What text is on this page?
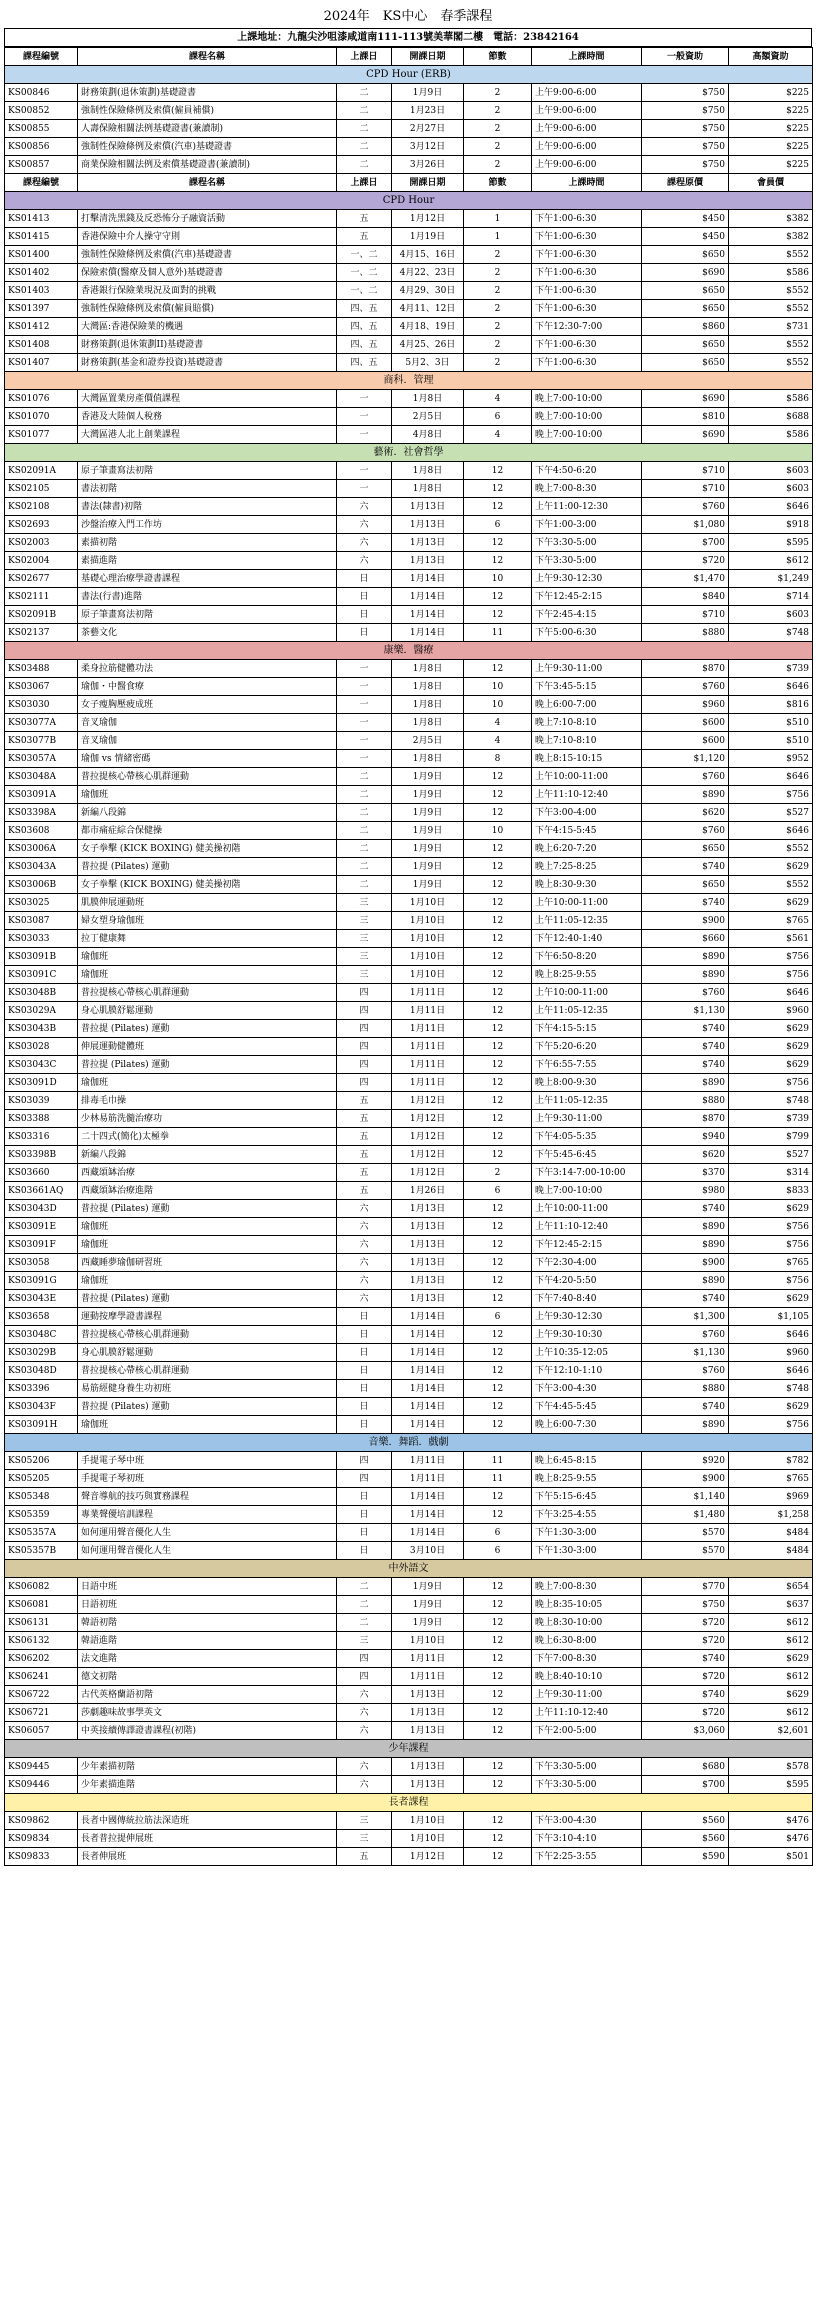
2024年　KS中心　春季課程
上課地址：九龍尖沙咀漆咸道南111-113號美華閣二樓　電話：23842164
課程編號	課程名稱	上課日	開課日期	節數	上課時間	一般資助	高額資助
CPD Hour (ERB)							
KS00846	財務策劃(退休策劃)基礎證書	二	1月9日	2	上午9:00-6:00	$750	$225
KS00852	強制性保險條例及索償(僱員補償)	二	1月23日	2	上午9:00-6:00	$750	$225
KS00855	人壽保險相關法例基礎證書(兼讀制)	二	2月27日	2	上午9:00-6:00	$750	$225
KS00856	強制性保險條例及索償(汽車)基礎證書	二	3月12日	2	上午9:00-6:00	$750	$225
KS00857	商業保險相關法例及索償基礎證書(兼讀制)	二	3月26日	2	上午9:00-6:00	$750	$225
課程編號	課程名稱	上課日	開課日期	節數	上課時間	課程原價	會員價
CPD Hour							
KS01413	打擊清洗黑錢及反恐怖分子融資活動	五	1月12日	1	下午1:00-6:30	$450	$382
KS01415	香港保險中介人操守守則	五	1月19日	1	下午1:00-6:30	$450	$382
KS01400	強制性保險條例及索償(汽車)基礎證書	一、二	4月15、16日	2	下午1:00-6:30	$650	$552
KS01402	保險索償(醫療及個人意外)基礎證書	一、二	4月22、23日	2	下午1:00-6:30	$690	$586
KS01403	香港銀行保險業現況及面對的挑戰	一、二	4月29、30日	2	下午1:00-6:30	$650	$552
KS01397	強制性保險條例及索償(僱員賠償)	四、五	4月11、12日	2	下午1:00-6:30	$650	$552
KS01412	大灣區:香港保險業的機遇	四、五	4月18、19日	2	下午12:30-7:00	$860	$731
KS01408	財務策劃(退休策劃II)基礎證書	四、五	4月25、26日	2	下午1:00-6:30	$650	$552
KS01407	財務策劃(基金和證券投資)基礎證書	四、五	5月2、3日	2	下午1:00-6:30	$650	$552
商科．管理							
KS01076	大灣區置業房產價值課程	一	1月8日	4	晚上7:00-10:00	$690	$586
KS01070	香港及大陸個人稅務	一	2月5日	6	晚上7:00-10:00	$810	$688
KS01077	大灣區港人北上創業課程	一	4月8日	4	晚上7:00-10:00	$690	$586
藝術．社會哲學							
KS02091A	原子筆畫寫法初階	一	1月8日	12	下午4:50-6:20	$710	$603
KS02105	書法初階	一	1月8日	12	晚上7:00-8:30	$710	$603
KS02108	書法(隸書)初階	六	1月13日	12	上午11:00-12:30	$760	$646
KS02693	沙盤治療入門工作坊	六	1月13日	6	下午1:00-3:00	$1,080	$918
KS02003	素描初階	六	1月13日	12	下午3:30-5:00	$700	$595
KS02004	素描進階	六	1月13日	12	下午3:30-5:00	$720	$612
KS02677	基礎心理治療學證書課程	日	1月14日	10	上午9:30-12:30	$1,470	$1,249
KS02111	書法(行書)進階	日	1月14日	12	下午12:45-2:15	$840	$714
KS02091B	原子筆畫寫法初階	日	1月14日	12	下午2:45-4:15	$710	$603
KS02137	茶藝文化	日	1月14日	11	下午5:00-6:30	$880	$748
康樂．醫療							
KS03488	柔身拉筋健體功法	一	1月8日	12	上午9:30-11:00	$870	$739
KS03067	瑜伽・中醫食療	一	1月8日	10	下午3:45-5:15	$760	$646
KS03030	女子瘦胸壓疲成班	一	1月8日	10	晚上6:00-7:00	$960	$816
KS03077A	音叉瑜伽	一	1月8日	4	晚上7:10-8:10	$600	$510
KS03077B	音叉瑜伽	一	2月5日	4	晚上7:10-8:10	$600	$510
KS03057A	瑜伽 vs 情緒密碼	一	1月8日	8	晚上8:15-10:15	$1,120	$952
KS03048A	普拉提核心帶核心肌群運動	二	1月9日	12	上午10:00-11:00	$760	$646
KS03091A	瑜伽班	二	1月9日	12	上午11:10-12:40	$890	$756
KS03398A	新編八段錦	二	1月9日	12	下午3:00-4:00	$620	$527
KS03608	都市痛症綜合保健操	二	1月9日	10	下午4:15-5:45	$760	$646
KS03006A	女子拳擊 (KICK BOXING) 健美操初階	二	1月9日	12	晚上6:20-7:20	$650	$552
KS03043A	普拉提 (Pilates) 運動	二	1月9日	12	晚上7:25-8:25	$740	$629
KS03006B	女子拳擊 (KICK BOXING) 健美操初階	二	1月9日	12	晚上8:30-9:30	$650	$552
KS03025	肌膜伸展運動班	三	1月10日	12	上午10:00-11:00	$740	$629
KS03087	婦女塑身瑜伽班	三	1月10日	12	上午11:05-12:35	$900	$765
KS03033	拉丁健康舞	三	1月10日	12	下午12:40-1:40	$660	$561
KS03091B	瑜伽班	三	1月10日	12	下午6:50-8:20	$890	$756
KS03091C	瑜伽班	三	1月10日	12	晚上8:25-9:55	$890	$756
KS03048B	普拉提核心帶核心肌群運動	四	1月11日	12	上午10:00-11:00	$760	$646
KS03029A	身心肌膜舒鬆運動	四	1月11日	12	上午11:05-12:35	$1,130	$960
KS03043B	普拉提 (Pilates) 運動	四	1月11日	12	下午4:15-5:15	$740	$629
KS03028	伸展運動健體班	四	1月11日	12	下午5:20-6:20	$740	$629
KS03043C	普拉提 (Pilates) 運動	四	1月11日	12	下午6:55-7:55	$740	$629
KS03091D	瑜伽班	四	1月11日	12	晚上8:00-9:30	$890	$756
KS03039	排毒毛巾操	五	1月12日	12	上午11:05-12:35	$880	$748
KS03388	少林易筋洗髓治療功	五	1月12日	12	上午9:30-11:00	$870	$739
KS03316	二十四式(簡化)太極拳	五	1月12日	12	下午4:05-5:35	$940	$799
KS03398B	新編八段錦	五	1月12日	12	下午5:45-6:45	$620	$527
KS03660	西藏頌缽治療	五	1月12日	2	下午3:14-7:00-10:00	$370	$314
KS03661AQ	西藏頌缽治療進階	五	1月26日	6	晚上7:00-10:00	$980	$833
KS03043D	普拉提 (Pilates) 運動	六	1月13日	12	上午10:00-11:00	$740	$629
KS03091E	瑜伽班	六	1月13日	12	上午11:10-12:40	$890	$756
KS03091F	瑜伽班	六	1月13日	12	下午12:45-2:15	$890	$756
KS03058	西藏睡夢瑜伽研習班	六	1月13日	12	下午2:30-4:00	$900	$765
KS03091G	瑜伽班	六	1月13日	12	下午4:20-5:50	$890	$756
KS03043E	普拉提 (Pilates) 運動	六	1月13日	12	下午7:40-8:40	$740	$629
KS03658	運動按摩學證書課程	日	1月14日	6	上午9:30-12:30	$1,300	$1,105
KS03048C	普拉提核心帶核心肌群運動	日	1月14日	12	上午9:30-10:30	$760	$646
KS03029B	身心肌膜舒鬆運動	日	1月14日	12	上午10:35-12:05	$1,130	$960
KS03048D	普拉提核心帶核心肌群運動	日	1月14日	12	下午12:10-1:10	$760	$646
KS03396	易筋經健身養生功初班	日	1月14日	12	下午3:00-4:30	$880	$748
KS03043F	普拉提 (Pilates) 運動	日	1月14日	12	下午4:45-5:45	$740	$629
KS03091H	瑜伽班	日	1月14日	12	晚上6:00-7:30	$890	$756
音樂．舞蹈．戲劇							
KS05206	手提電子琴中班	四	1月11日	11	晚上6:45-8:15	$920	$782
KS05205	手提電子琴初班	四	1月11日	11	晚上8:25-9:55	$900	$765
KS05348	聲音導航的技巧與實務課程	日	1月14日	12	下午5:15-6:45	$1,140	$969
KS05359	專業聲優培訓課程	日	1月14日	12	下午3:25-4:55	$1,480	$1,258
KS05357A	如何運用聲音優化人生	日	1月14日	6	下午1:30-3:00	$570	$484
KS05357B	如何運用聲音優化人生	日	3月10日	6	下午1:30-3:00	$570	$484
中外語文							
KS06082	日語中班	二	1月9日	12	晚上7:00-8:30	$770	$654
KS06081	日語初班	二	1月9日	12	晚上8:35-10:05	$750	$637
KS06131	韓語初階	二	1月9日	12	晚上8:30-10:00	$720	$612
KS06132	韓語進階	三	1月10日	12	晚上6:30-8:00	$720	$612
KS06202	法文進階	四	1月11日	12	下午7:00-8:30	$740	$629
KS06241	德文初階	四	1月11日	12	晚上8:40-10:10	$720	$612
KS06722	古代英格蘭語初階	六	1月13日	12	上午9:30-11:00	$740	$629
KS06721	莎劇趣味故事學英文	六	1月13日	12	上午11:10-12:40	$720	$612
KS06057	中英接續傳譯證書課程(初階)	六	1月13日	12	下午2:00-5:00	$3,060	$2,601
少年課程							
KS09445	少年素描初階	六	1月13日	12	下午3:30-5:00	$680	$578
KS09446	少年素描進階	六	1月13日	12	下午3:30-5:00	$700	$595
長者課程							
KS09862	長者中國傳統拉筋法深造班	三	1月10日	12	下午3:00-4:30	$560	$476
KS09834	長者普拉提伸展班	三	1月10日	12	下午3:10-4:10	$560	$476
KS09833	長者伸展班	五	1月12日	12	下午2:25-3:55	$590	$501
